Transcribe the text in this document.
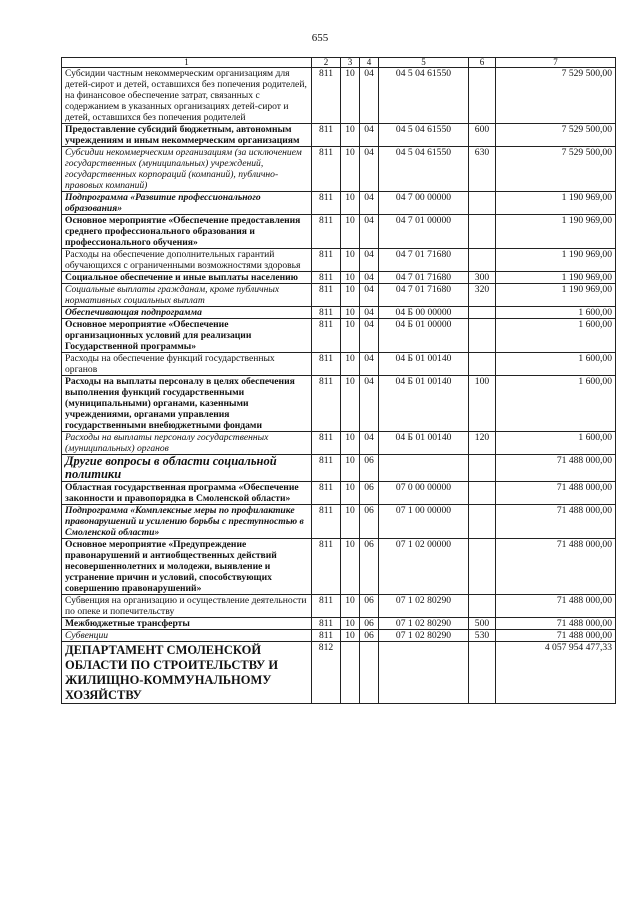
655
1	2	3	4	5	6	7
Субсидии частным некоммерческим организациям для детей-сирот и детей, оставшихся без попечения родителей, на финансовое обеспечение затрат, связанных с содержанием в указанных организациях детей-сирот и детей, оставшихся без попечения родителей	811	10	04	04 5 04 61550		7 529 500,00
Предоставление субсидий бюджетным, автономным учреждениям и иным некоммерческим организациям	811	10	04	04 5 04 61550	600	7 529 500,00
Субсидии некоммерческим организациям (за исключением государственных (муниципальных) учреждений, государственных корпораций (компаний), публично-правовых компаний)	811	10	04	04 5 04 61550	630	7 529 500,00
Подпрограмма «Развитие профессионального образования»	811	10	04	04 7 00 00000		1 190 969,00
Основное мероприятие «Обеспечение предоставления среднего профессионального образования и профессионального обучения»	811	10	04	04 7 01 00000		1 190 969,00
Расходы на обеспечение дополнительных гарантий обучающихся с ограниченными возможностями здоровья	811	10	04	04 7 01 71680		1 190 969,00
Социальное обеспечение и иные выплаты населению	811	10	04	04 7 01 71680	300	1 190 969,00
Социальные выплаты гражданам, кроме публичных нормативных социальных выплат	811	10	04	04 7 01 71680	320	1 190 969,00
Обеспечивающая подпрограмма	811	10	04	04 Б 00 00000		1 600,00
Основное мероприятие «Обеспечение организационных условий для реализации Государственной программы»	811	10	04	04 Б 01 00000		1 600,00
Расходы на обеспечение функций государственных органов	811	10	04	04 Б 01 00140		1 600,00
Расходы на выплаты персоналу в целях обеспечения выполнения функций государственными (муниципальными) органами, казенными учреждениями, органами управления государственными внебюджетными фондами	811	10	04	04 Б 01 00140	100	1 600,00
Расходы на выплаты персоналу государственных (муниципальных) органов	811	10	04	04 Б 01 00140	120	1 600,00
Другие вопросы в области социальной политики	811	10	06			71 488 000,00
Областная государственная программа «Обеспечение законности и правопорядка в Смоленской области»	811	10	06	07 0 00 00000		71 488 000,00
Подпрограмма «Комплексные меры по профилактике правонарушений и усилению борьбы с преступностью в Смоленской области»	811	10	06	07 1 00 00000		71 488 000,00
Основное мероприятие «Предупреждение правонарушений и антиобщественных действий несовершеннолетних и молодежи, выявление и устранение причин и условий, способствующих совершению правонарушений»	811	10	06	07 1 02 00000		71 488 000,00
Субвенция на организацию и осуществление деятельности по опеке и попечительству	811	10	06	07 1 02 80290		71 488 000,00
Межбюджетные трансферты	811	10	06	07 1 02 80290	500	71 488 000,00
Субвенции	811	10	06	07 1 02 80290	530	71 488 000,00
ДЕПАРТАМЕНТ СМОЛЕНСКОЙ ОБЛАСТИ ПО СТРОИТЕЛЬСТВУ И ЖИЛИЩНО-КОММУНАЛЬНОМУ ХОЗЯЙСТВУ	812					4 057 954 477,33
